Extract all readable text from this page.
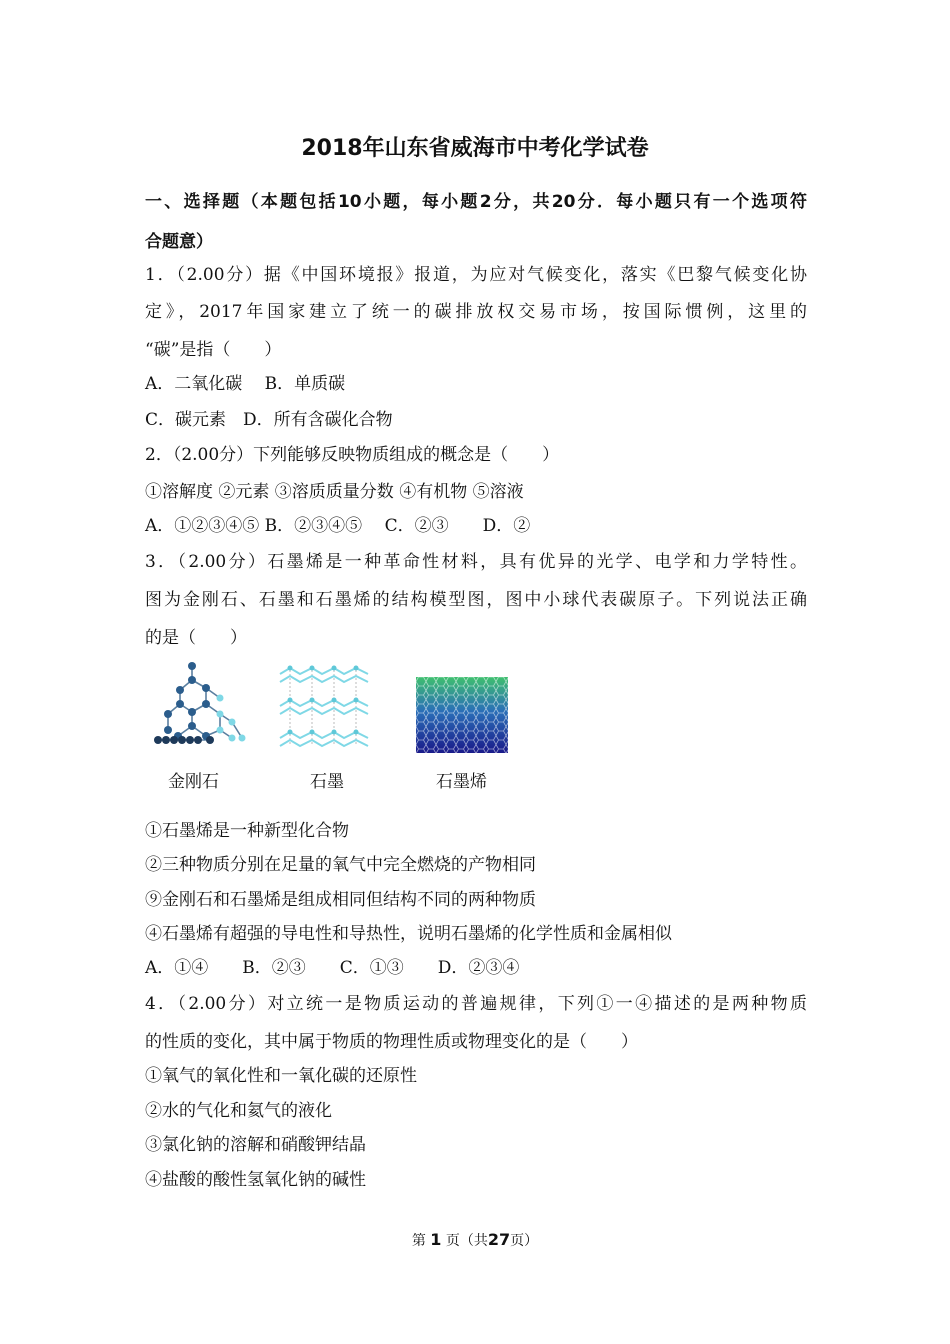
2018年山东省威海市中考化学试卷
一、选择题（本题包括10小题，每小题2分，共20分．每小题只有一个选项符
合题意）
1．（2.00分）据《中国环境报》报道，为应对气候变化，落实《巴黎气候变化协
定》，2017年国家建立了统一的碳排放权交易市场，按国际惯例，这里的
“碳”是指（　　）
A．二氧化碳　 B．单质碳
C．碳元素　D．所有含碳化合物
2．（2.00分）下列能够反映物质组成的概念是（　　）
①溶解度 ②元素 ③溶质质量分数 ④有机物 ⑤溶液
A．①②③④⑤ B．②③④⑤　 C．②③　　D．②
3．（2.00分）石墨烯是一种革命性材料，具有优异的光学、电学和力学特性。
图为金刚石、石墨和石墨烯的结构模型图，图中小球代表碳原子。下列说法正确
的是（　　）
金刚石	石墨	石墨烯
①石墨烯是一种新型化合物
②三种物质分别在足量的氧气中完全燃烧的产物相同
⑨金刚石和石墨烯是组成相同但结构不同的两种物质
④石墨烯有超强的导电性和导热性，说明石墨烯的化学性质和金属相似
A．①④　　B．②③　　C．①③　　D．②③④
4．（2.00分）对立统一是物质运动的普遍规律，下列①一④描述的是两种物质
的性质的变化，其中属于物质的物理性质或物理变化的是（　　）
①氧气的氧化性和一氧化碳的还原性
②水的气化和氦气的液化
③氯化钠的溶解和硝酸钾结晶
④盐酸的酸性氢氧化钠的碱性
第 1 页（共27页）
